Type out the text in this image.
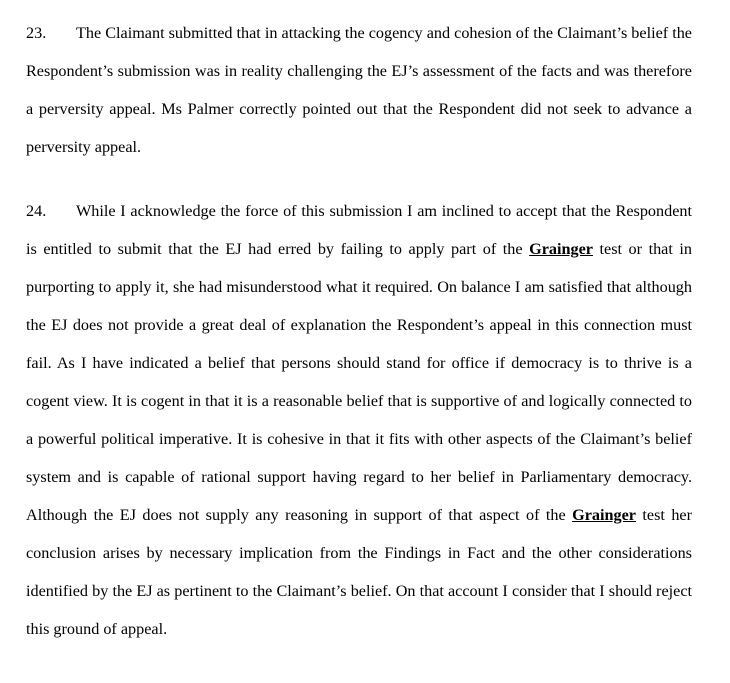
23. The Claimant submitted that in attacking the cogency and cohesion of the Claimant’s belief the Respondent’s submission was in reality challenging the EJ’s assessment of the facts and was therefore a perversity appeal. Ms Palmer correctly pointed out that the Respondent did not seek to advance a perversity appeal.

24. While I acknowledge the force of this submission I am inclined to accept that the Respondent is entitled to submit that the EJ had erred by failing to apply part of the Grainger test or that in purporting to apply it, she had misunderstood what it required. On balance I am satisfied that although the EJ does not provide a great deal of explanation the Respondent’s appeal in this connection must fail. As I have indicated a belief that persons should stand for office if democracy is to thrive is a cogent view. It is cogent in that it is a reasonable belief that is supportive of and logically connected to a powerful political imperative. It is cohesive in that it fits with other aspects of the Claimant’s belief system and is capable of rational support having regard to her belief in Parliamentary democracy. Although the EJ does not supply any reasoning in support of that aspect of the Grainger test her conclusion arises by necessary implication from the Findings in Fact and the other considerations identified by the EJ as pertinent to the Claimant’s belief. On that account I consider that I should reject this ground of appeal.
